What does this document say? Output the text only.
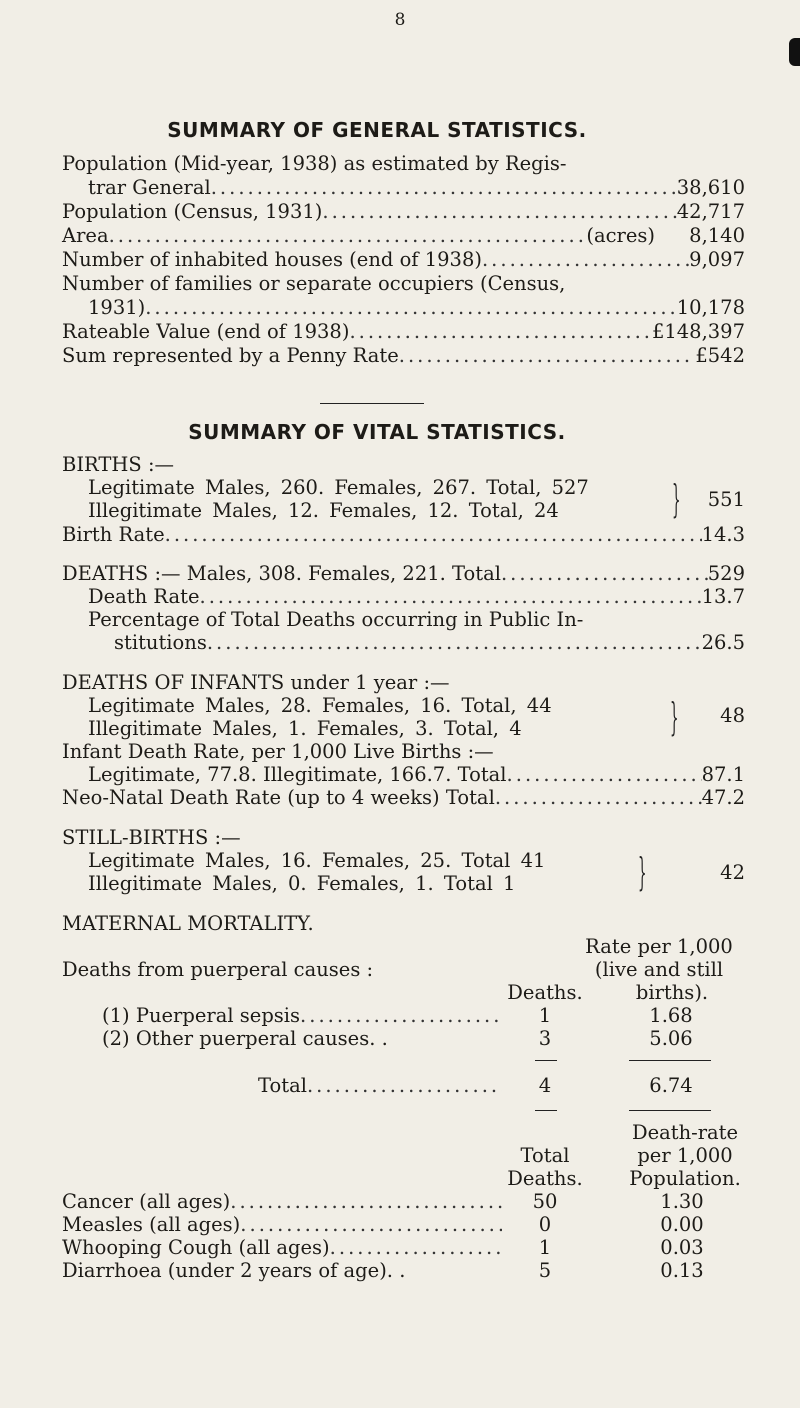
8
SUMMARY OF GENERAL STATISTICS.
Population (Mid-year, 1938) as estimated by Regis-
trar General .....	38,610
Population (Census, 1931) .....	42,717
Area .....	(acres)	8,140
Number of inhabited houses (end of 1938) .....	9,097
Number of families or separate occupiers (Census,
1931) .....	10,178
Rateable Value (end of 1938) .....	£148,397
Sum represented by a Penny Rate .....	£542
SUMMARY OF VITAL STATISTICS.
BIRTHS :—
Legitimate Males, 260. Females, 267. Total, 527
Illegitimate Males, 12. Females, 12. Total, 24	}	551
Birth Rate .....	14.3
DEATHS :— Males, 308. Females, 221. Total .....	529
Death Rate .....	13.7
Percentage of Total Deaths occurring in Public In-
stitutions .....	26.5
DEATHS OF INFANTS under 1 year :—
Legitimate Males, 28. Females, 16. Total, 44
Illegitimate Males, 1. Females, 3. Total, 4	}	48
Infant Death Rate, per 1,000 Live Births :—
Legitimate, 77.8. Illegitimate, 166.7. Total .....	87.1
Neo-Natal Death Rate (up to 4 weeks) Total .....	47.2
STILL-BIRTHS :—
Legitimate Males, 16. Females, 25. Total 41
Illegitimate Males, 0. Females, 1. Total 1	}	42
MATERNAL MORTALITY.
Rate per 1,000
Deaths from puerperal causes :	(live and still
Deaths.	births).
(1) Puerperal sepsis .....	1	1.68
(2) Other puerperal causes. .	3	5.06
Total .....	4	6.74
Death-rate
Total	per 1,000
Deaths.	Population.
Cancer (all ages) .....	50	1.30
Measles (all ages) .....	0	0.00
Whooping Cough (all ages) .....	1	0.03
Diarrhoea (under 2 years of age). .	5	0.13
